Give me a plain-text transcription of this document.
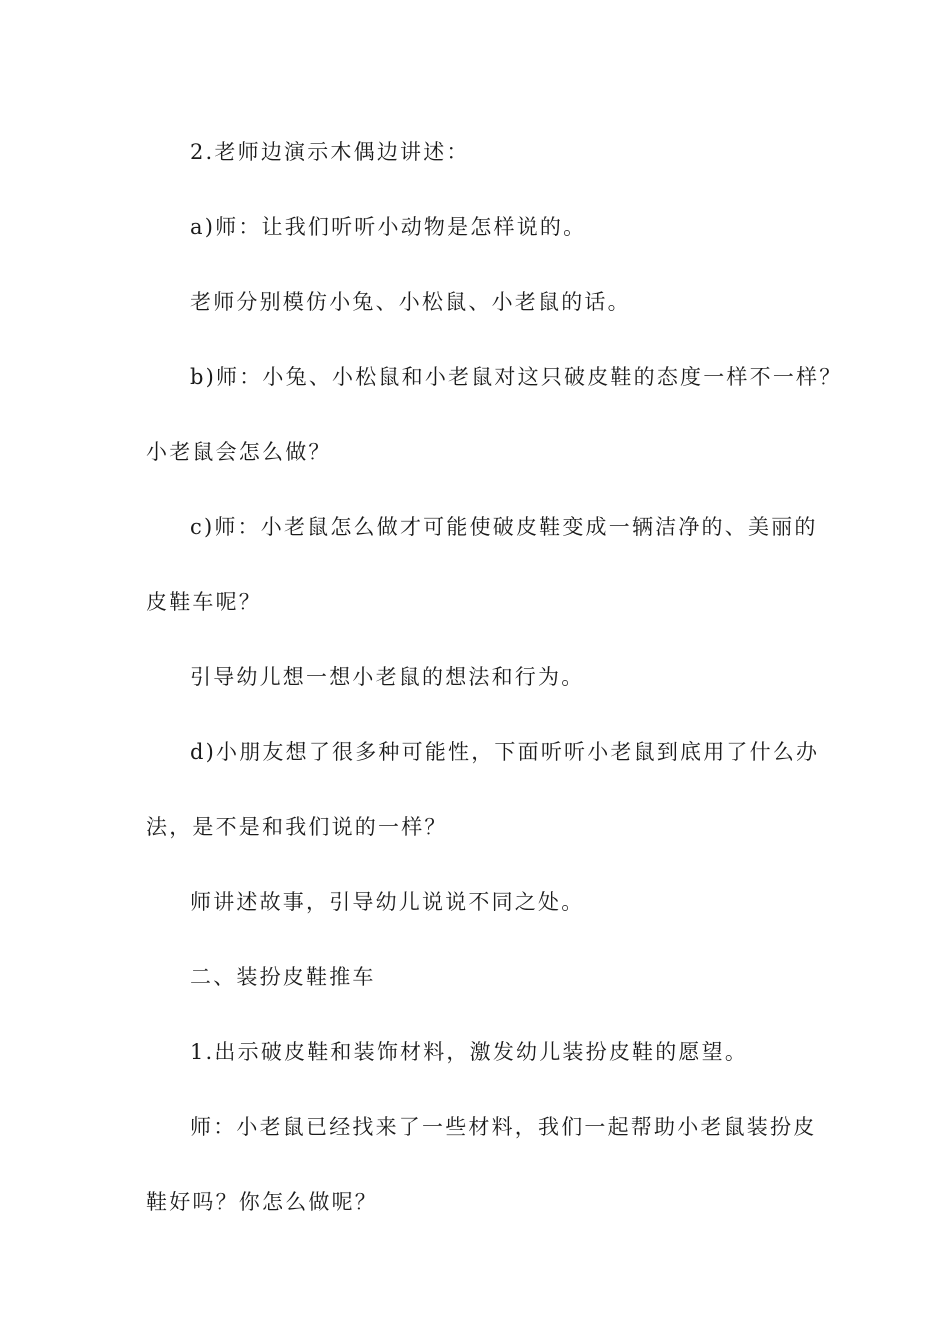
2.老师边演示木偶边讲述：
a)师：让我们听听小动物是怎样说的。
老师分别模仿小兔、小松鼠、小老鼠的话。
b)师：小兔、小松鼠和小老鼠对这只破皮鞋的态度一样不一样？
小老鼠会怎么做？
c)师：小老鼠怎么做才可能使破皮鞋变成一辆洁净的、美丽的
皮鞋车呢？
引导幼儿想一想小老鼠的想法和行为。
d)小朋友想了很多种可能性，下面听听小老鼠到底用了什么办
法，是不是和我们说的一样？
师讲述故事，引导幼儿说说不同之处。
二、装扮皮鞋推车
1.出示破皮鞋和装饰材料，激发幼儿装扮皮鞋的愿望。
师：小老鼠已经找来了一些材料，我们一起帮助小老鼠装扮皮
鞋好吗？你怎么做呢？
